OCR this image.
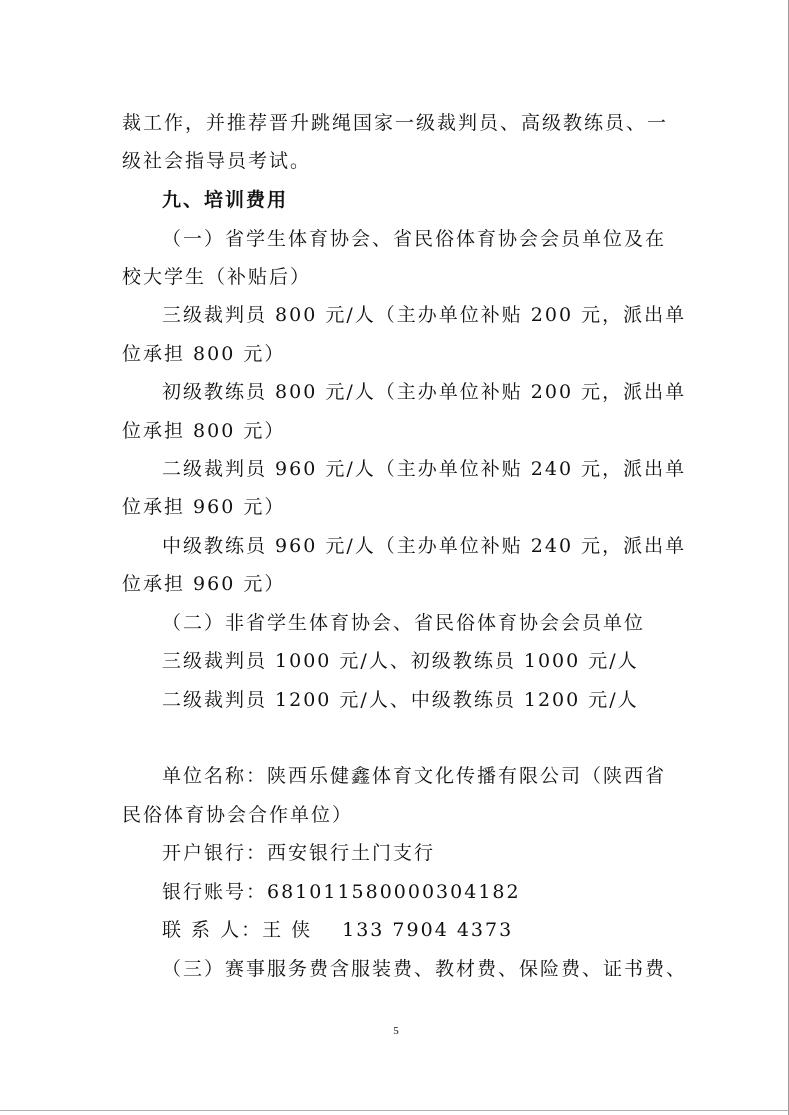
裁工作，并推荐晋升跳绳国家一级裁判员、高级教练员、一
级社会指导员考试。
九、培训费用
（一）省学生体育协会、省民俗体育协会会员单位及在
校大学生（补贴后）
三级裁判员 800 元/人（主办单位补贴 200 元，派出单
位承担 800 元）
初级教练员 800 元/人（主办单位补贴 200 元，派出单
位承担 800 元）
二级裁判员 960 元/人（主办单位补贴 240 元，派出单
位承担 960 元）
中级教练员 960 元/人（主办单位补贴 240 元，派出单
位承担 960 元）
（二）非省学生体育协会、省民俗体育协会会员单位
三级裁判员 1000 元/人、初级教练员 1000 元/人
二级裁判员 1200 元/人、中级教练员 1200 元/人
单位名称：陕西乐健鑫体育文化传播有限公司（陕西省
民俗体育协会合作单位）
开户银行：西安银行土门支行
银行账号：681011580000304182
联 系 人：王 侠 133 7904 4373
（三）赛事服务费含服装费、教材费、保险费、证书费、
5
